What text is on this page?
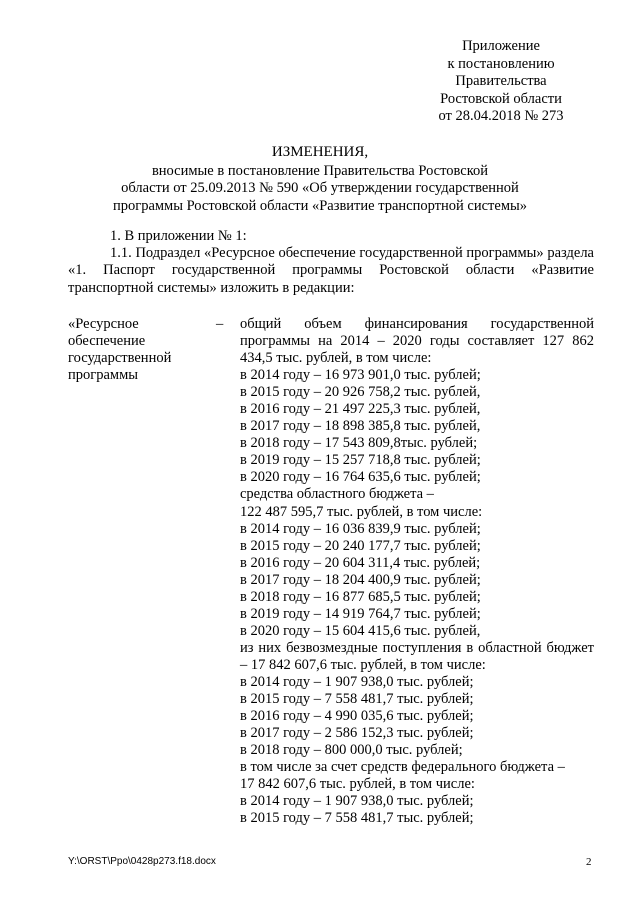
Приложение
к постановлению
Правительства
Ростовской области
от 28.04.2018 № 273
ИЗМЕНЕНИЯ,
вносимые в постановление Правительства Ростовской
области от 25.09.2013 № 590 «Об утверждении государственной
программы Ростовской области «Развитие транспортной системы»

1. В приложении № 1:

1.1. Подраздел «Ресурсное обеспечение государственной программы» раздела «1. Паспорт государственной программы Ростовской области «Развитие транспортной системы» изложить в редакции:

«Ресурсное
обеспечение
государственной
программы
– общий объем финансирования государственной программы на 2014 – 2020 годы составляет 127 862 434,5 тыс. рублей, в том числе:
в 2014 году – 16 973 901,0 тыс. рублей;
в 2015 году – 20 926 758,2 тыс. рублей,
в 2016 году – 21 497 225,3 тыс. рублей,
в 2017 году – 18 898 385,8 тыс. рублей,
в 2018 году – 17 543 809,8тыс. рублей;
в 2019 году – 15 257 718,8 тыс. рублей;
в 2020 году – 16 764 635,6 тыс. рублей;
средства областного бюджета –
122 487 595,7 тыс. рублей, в том числе:
в 2014 году – 16 036 839,9 тыс. рублей;
в 2015 году – 20 240 177,7 тыс. рублей;
в 2016 году – 20 604 311,4 тыс. рублей;
в 2017 году – 18 204 400,9 тыс. рублей;
в 2018 году – 16 877 685,5 тыс. рублей;
в 2019 году – 14 919 764,7 тыс. рублей;
в 2020 году – 15 604 415,6 тыс. рублей,
из них безвозмездные поступления в областной бюджет – 17 842 607,6 тыс. рублей, в том числе:
в 2014 году – 1 907 938,0 тыс. рублей;
в 2015 году – 7 558 481,7 тыс. рублей;
в 2016 году – 4 990 035,6 тыс. рублей;
в 2017 году – 2 586 152,3 тыс. рублей;
в 2018 году – 800 000,0 тыс. рублей;
в том числе за счет средств федерального бюджета –
17 842 607,6 тыс. рублей, в том числе:
в 2014 году – 1 907 938,0 тыс. рублей;
в 2015 году – 7 558 481,7 тыс. рублей;
Y:\ORST\Ppo\0428p273.f18.docx	2
